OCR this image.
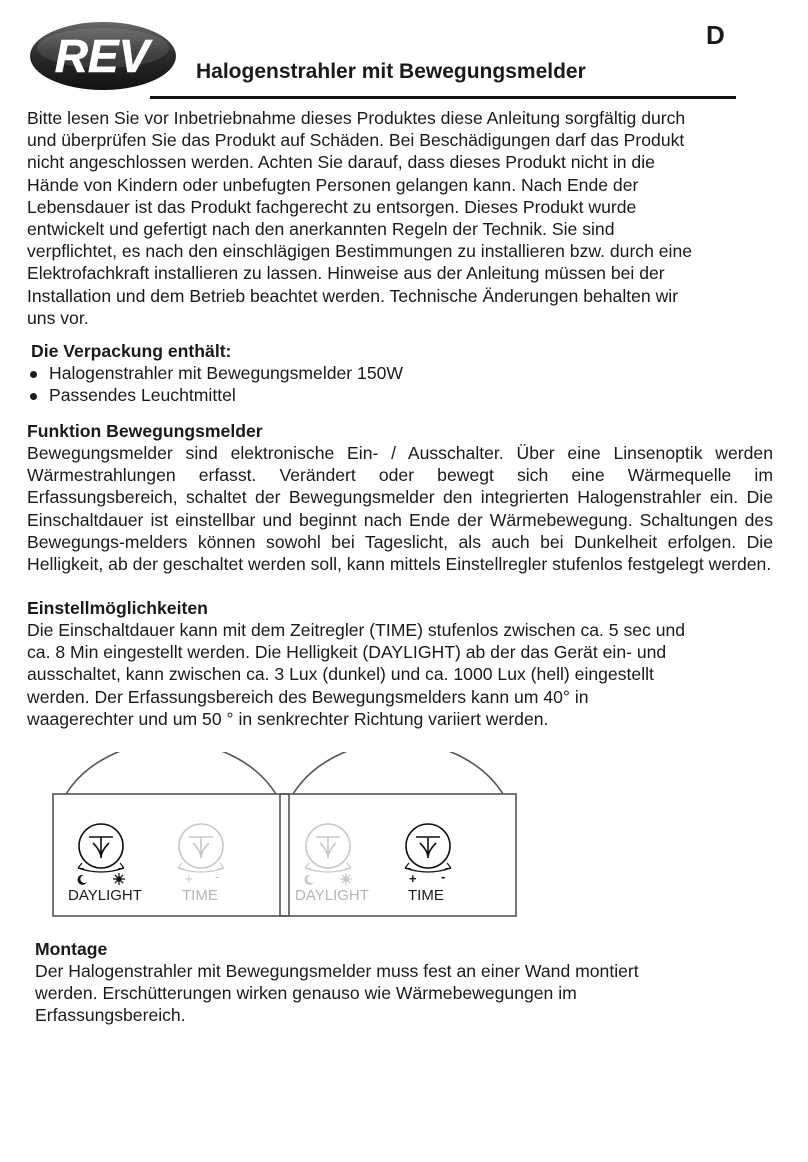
REV	D
Halogenstrahler mit Bewegungsmelder
Bitte lesen Sie vor Inbetriebnahme dieses Produktes diese Anleitung sorgfältig durch
und überprüfen Sie das Produkt auf Schäden. Bei Beschädigungen darf das Produkt
nicht angeschlossen werden. Achten Sie darauf, dass dieses Produkt nicht in die
Hände von Kindern oder unbefugten Personen gelangen kann. Nach Ende der
Lebensdauer ist das Produkt fachgerecht zu entsorgen. Dieses Produkt wurde
entwickelt und gefertigt nach den anerkannten Regeln der Technik. Sie sind
verpflichtet, es nach den einschlägigen Bestimmungen zu installieren bzw. durch eine
Elektrofachkraft installieren zu lassen. Hinweise aus der Anleitung müssen bei der
Installation und dem Betrieb beachtet werden. Technische Änderungen behalten wir
uns vor.
Die Verpackung enthält:
Halogenstrahler mit Bewegungsmelder 150W
Passendes Leuchtmittel
Funktion Bewegungsmelder
Bewegungsmelder sind elektronische Ein- / Ausschalter. Über eine Linsenoptik werden Wärmestrahlungen erfasst. Verändert oder bewegt sich eine Wärmequelle im Erfassungsbereich, schaltet der Bewegungsmelder den integrierten Halogenstrahler ein. Die Einschaltdauer ist einstellbar und beginnt nach Ende der Wärmebewegung. Schaltungen des Bewegungs-melders können sowohl bei Tageslicht, als auch bei Dunkelheit erfolgen. Die Helligkeit, ab der geschaltet werden soll, kann mittels Einstellregler stufenlos festgelegt werden.
Einstellmöglichkeiten
Die Einschaltdauer kann mit dem Zeitregler (TIME) stufenlos zwischen ca. 5 sec und
ca. 8 Min eingestellt werden. Die Helligkeit (DAYLIGHT) ab der das Gerät ein- und
ausschaltet, kann zwischen ca. 3 Lux (dunkel) und ca. 1000 Lux (hell) eingestellt
werden. Der Erfassungsbereich des Bewegungsmelders kann um 40° in
waagerechter und um 50 ° in senkrechter Richtung variiert werden.
+ -
DAYLIGHT	TIME
+ -
DAYLIGHT	TIME
Montage
Der Halogenstrahler mit Bewegungsmelder muss fest an einer Wand montiert
werden. Erschütterungen wirken genauso wie Wärmebewegungen im
Erfassungsbereich.
